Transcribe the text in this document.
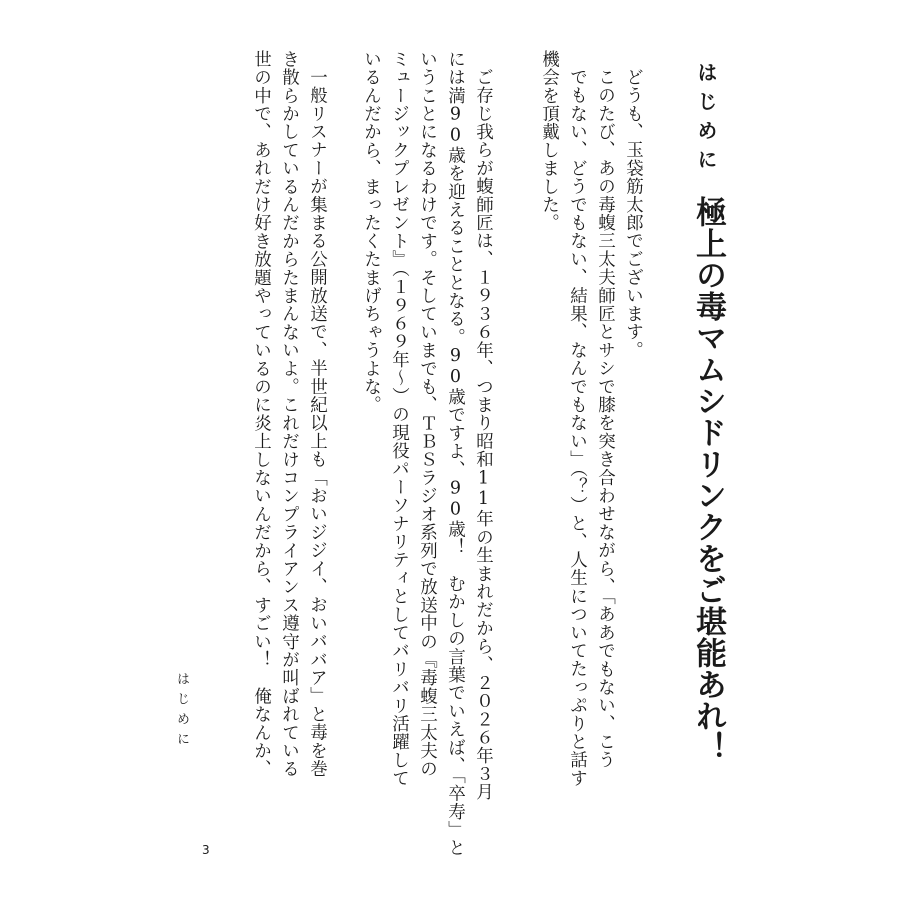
はじめに
極上の毒マムシドリンクをご堪能あれ！

どうも、玉袋筋太郎でございます。

このたび、あの毒蝮三太夫師匠とサシで膝を突き合わせながら、「ああでもない、こう

でもない、どうでもない、結果、なんでもない」（？）と、人生についてたっぷりと話す

機会を頂戴しました。

ご存じ我らが蝮師匠は、１９３６年、つまり昭和11年の生まれだから、２０２６年３月

には満90歳を迎えることとなる。90歳ですよ、90歳！　むかしの言葉でいえば、「卒寿」と

いうことになるわけです。そしていまでも、ＴＢＳラジオ系列で放送中の『毒蝮三太夫の

ミュージックプレゼント』（１９６９年～）の現役パーソナリティとしてバリバリ活躍して

いるんだから、まったくたまげちゃうよな。

一般リスナーが集まる公開放送で、半世紀以上も「おいジジイ、おいババア」と毒を巻

き散らかしているんだからたまんないよ。これだけコンプライアンス遵守が叫ばれている

世の中で、あれだけ好き放題やっているのに炎上しないんだから、すごい！　俺なんか、

はじめに

3
